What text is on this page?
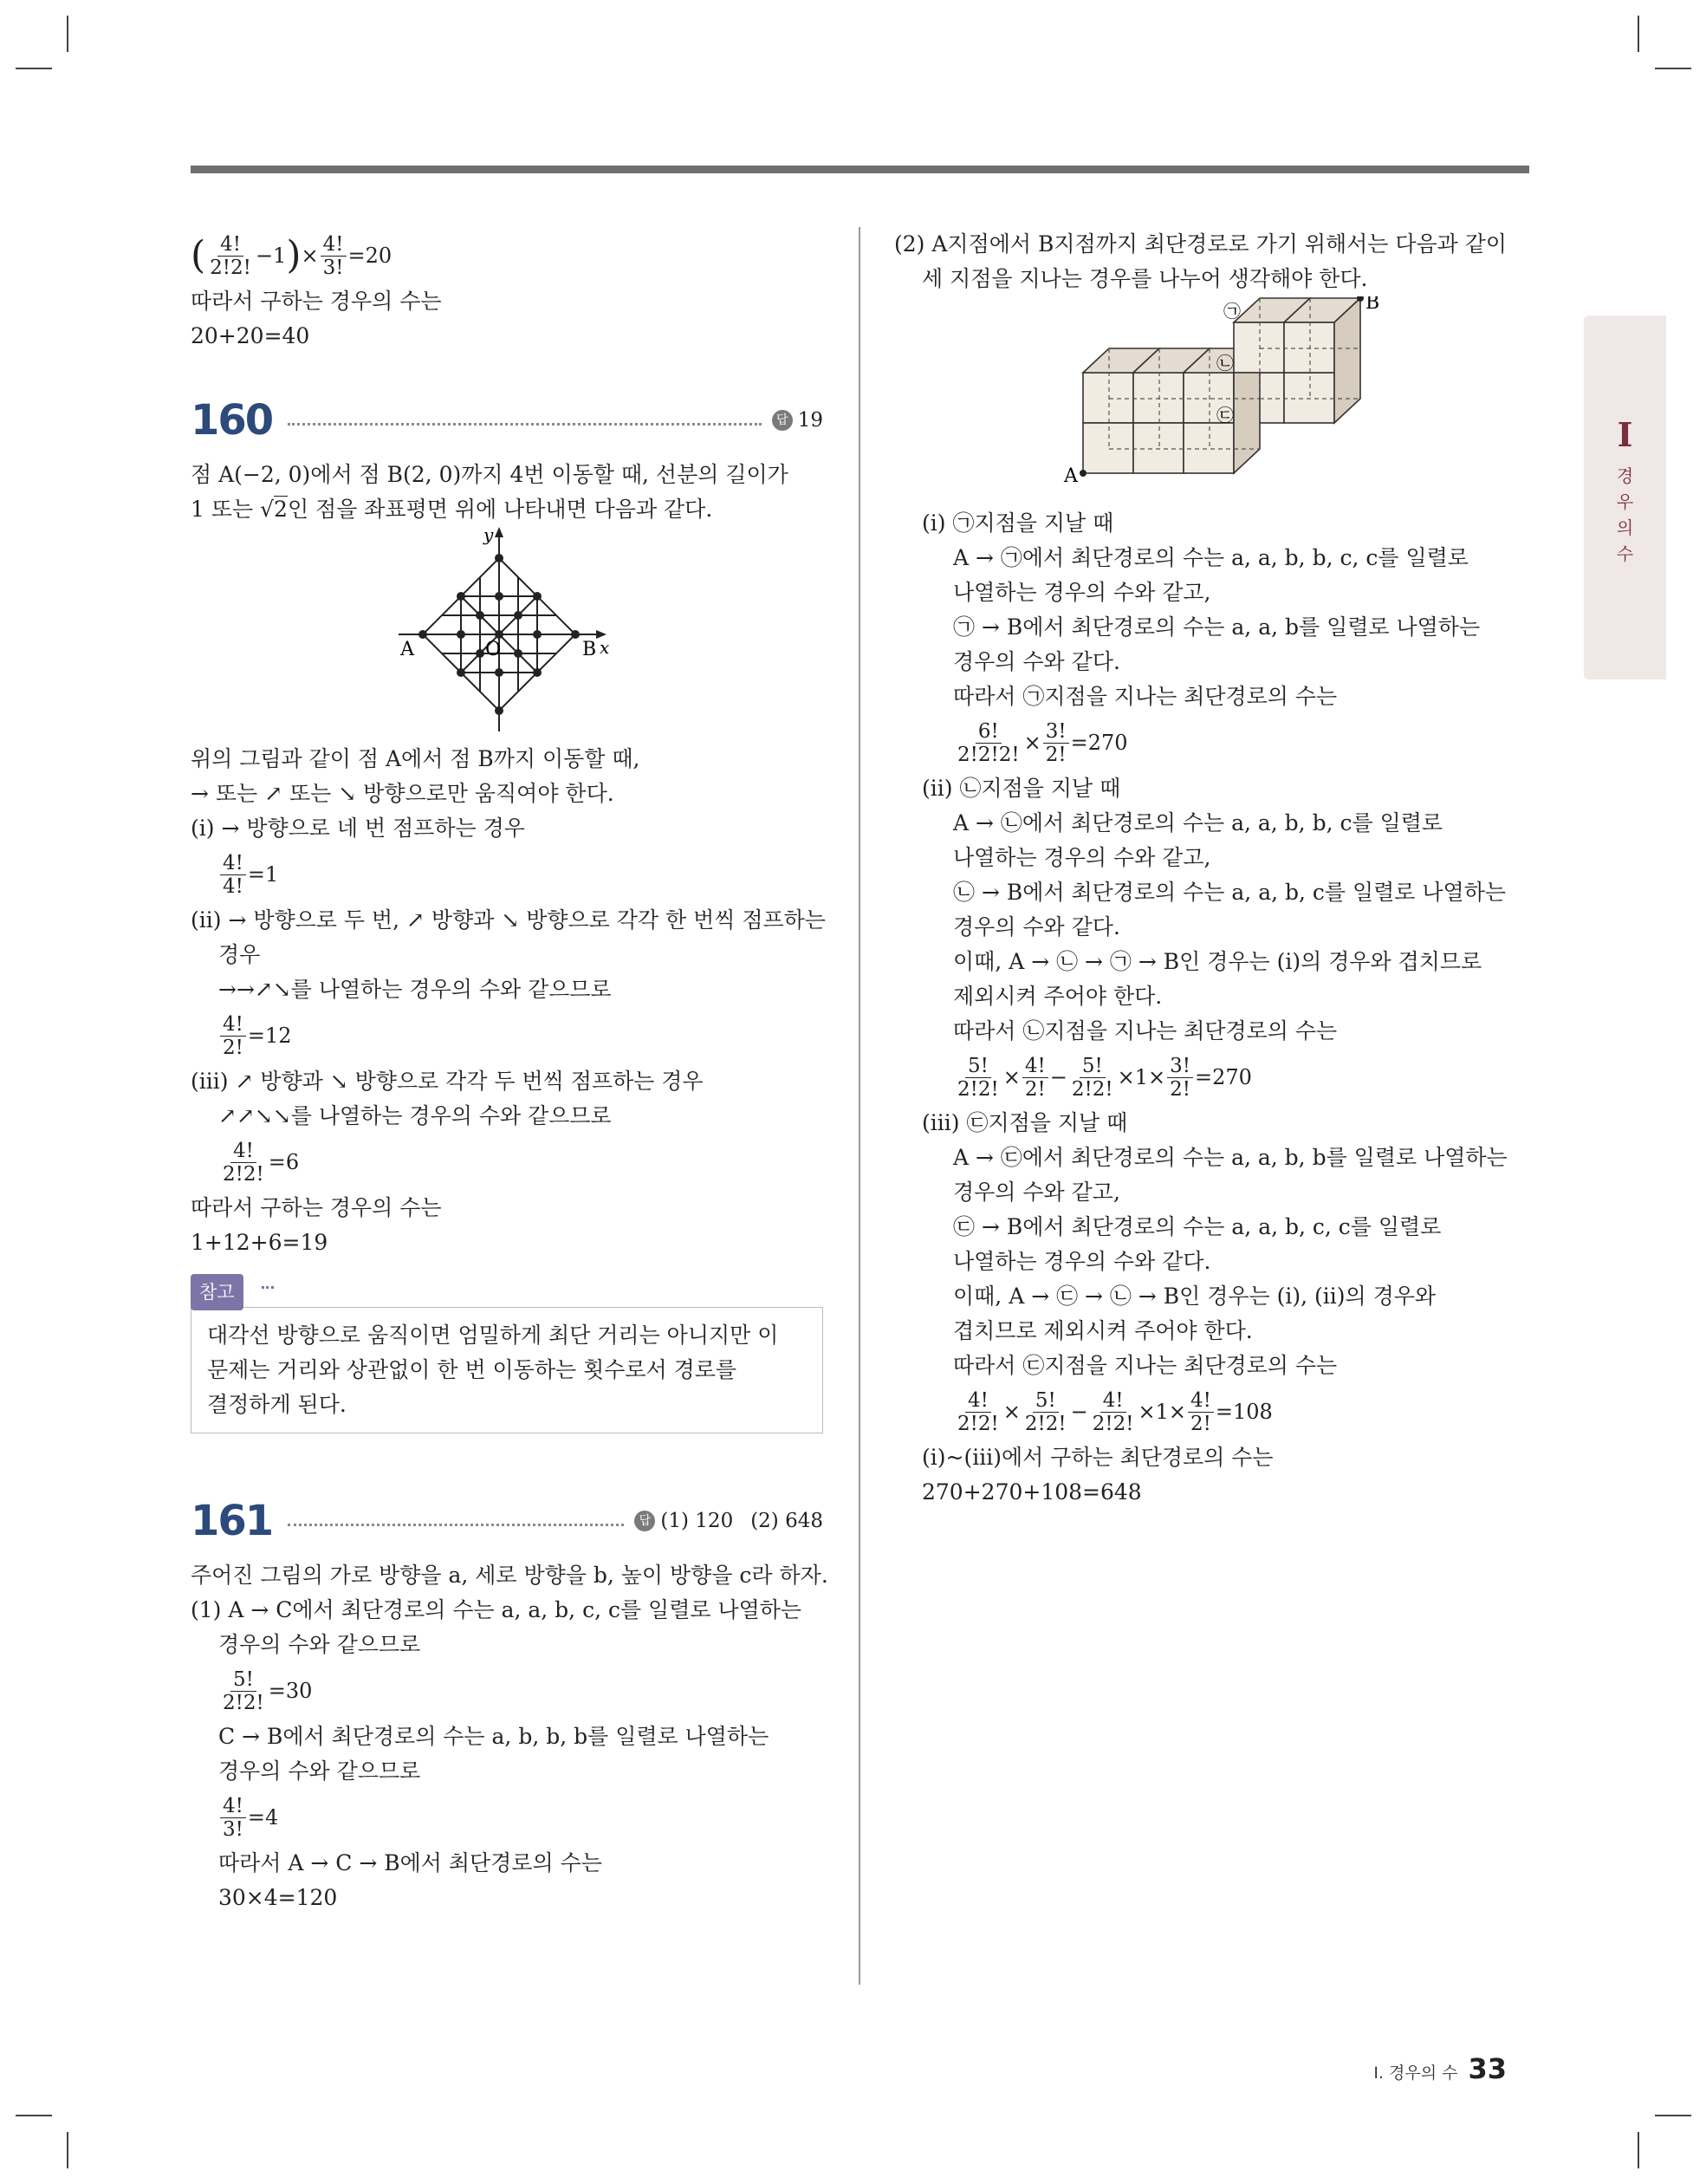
I
경
우
의
수
( $\frac{4!}{2!2!} - 1$ ) × $\frac{4!}{3!} =20$

따라서 구하는 경우의 수는

20+20=40

160	답 19

점 A(−2, 0)에서 점 B(2, 0)까지 4번 이동할 때, 선분의 길이가

1 또는 √2인 점을 좌표평면 위에 나타내면 다음과 같다.

A	O	B x
y

위의 그림과 같이 점 A에서 점 B까지 이동할 때,

→ 또는 ↗ 또는 ↘ 방향으로만 움직여야 한다.

(ⅰ) → 방향으로 네 번 점프하는 경우

$\frac{4!}{4!} =1$

(ⅱ) → 방향으로 두 번, ↗ 방향과 ↘ 방향으로 각각 한 번씩 점프하는

경우

→→↗↘를 나열하는 경우의 수와 같으므로

$\frac{4!}{2!} =12$

(ⅲ) ↗ 방향과 ↘ 방향으로 각각 두 번씩 점프하는 경우

↗↗↘↘를 나열하는 경우의 수와 같으므로

$\frac{4!}{2!2!} =6$

따라서 구하는 경우의 수는

1+12+6=19

참고

대각선 방향으로 움직이면 엄밀하게 최단 거리는 아니지만 이

문제는 거리와 상관없이 한 번 이동하는 횟수로서 경로를

결정하게 된다.

161	답 (1) 120 (2) 648

주어진 그림의 가로 방향을 a, 세로 방향을 b, 높이 방향을 c라 하자.

(1) A → C에서 최단경로의 수는 a, a, b, c, c를 일렬로 나열하는

경우의 수와 같으므로

$\frac{5!}{2!2!} =30$

C → B에서 최단경로의 수는 a, b, b, b를 일렬로 나열하는

경우의 수와 같으므로

$\frac{4!}{3!} =4$

따라서 A → C → B에서 최단경로의 수는

30×4=120

(2) A지점에서 B지점까지 최단경로로 가기 위해서는 다음과 같이

세 지점을 지나는 경우를 나누어 생각해야 한다.

A
B
㉠
㉡
㉢

(ⅰ) ㉠지점을 지날 때

A → ㉠에서 최단경로의 수는 a, a, b, b, c, c를 일렬로

나열하는 경우의 수와 같고,

㉠ → B에서 최단경로의 수는 a, a, b를 일렬로 나열하는

경우의 수와 같다.

따라서 ㉠지점을 지나는 최단경로의 수는

$\frac{6!}{2!2!2!} \times \frac{3!}{2!} =270$

(ⅱ) ㉡지점을 지날 때

A → ㉡에서 최단경로의 수는 a, a, b, b, c를 일렬로

나열하는 경우의 수와 같고,

㉡ → B에서 최단경로의 수는 a, a, b, c를 일렬로 나열하는

경우의 수와 같다.

이때, A → ㉡ → ㉠ → B인 경우는 (ⅰ)의 경우와 겹치므로

제외시켜 주어야 한다.

따라서 ㉡지점을 지나는 최단경로의 수는

$\frac{5!}{2!2!} \times \frac{4!}{2!} - \frac{5!}{2!2!} \times 1 \times \frac{3!}{2!} =270$

(ⅲ) ㉢지점을 지날 때

A → ㉢에서 최단경로의 수는 a, a, b, b를 일렬로 나열하는

경우의 수와 같고,

㉢ → B에서 최단경로의 수는 a, a, b, c, c를 일렬로

나열하는 경우의 수와 같다.

이때, A → ㉢ → ㉡ → B인 경우는 (ⅰ), (ⅱ)의 경우와

겹치므로 제외시켜 주어야 한다.

따라서 ㉢지점을 지나는 최단경로의 수는

$\frac{4!}{2!2!} \times \frac{5!}{2!2!} - \frac{4!}{2!2!} \times 1 \times \frac{4!}{2!} =108$

(ⅰ)~(ⅲ)에서 구하는 최단경로의 수는

270+270+108=648

Ⅰ. 경우의 수 33
